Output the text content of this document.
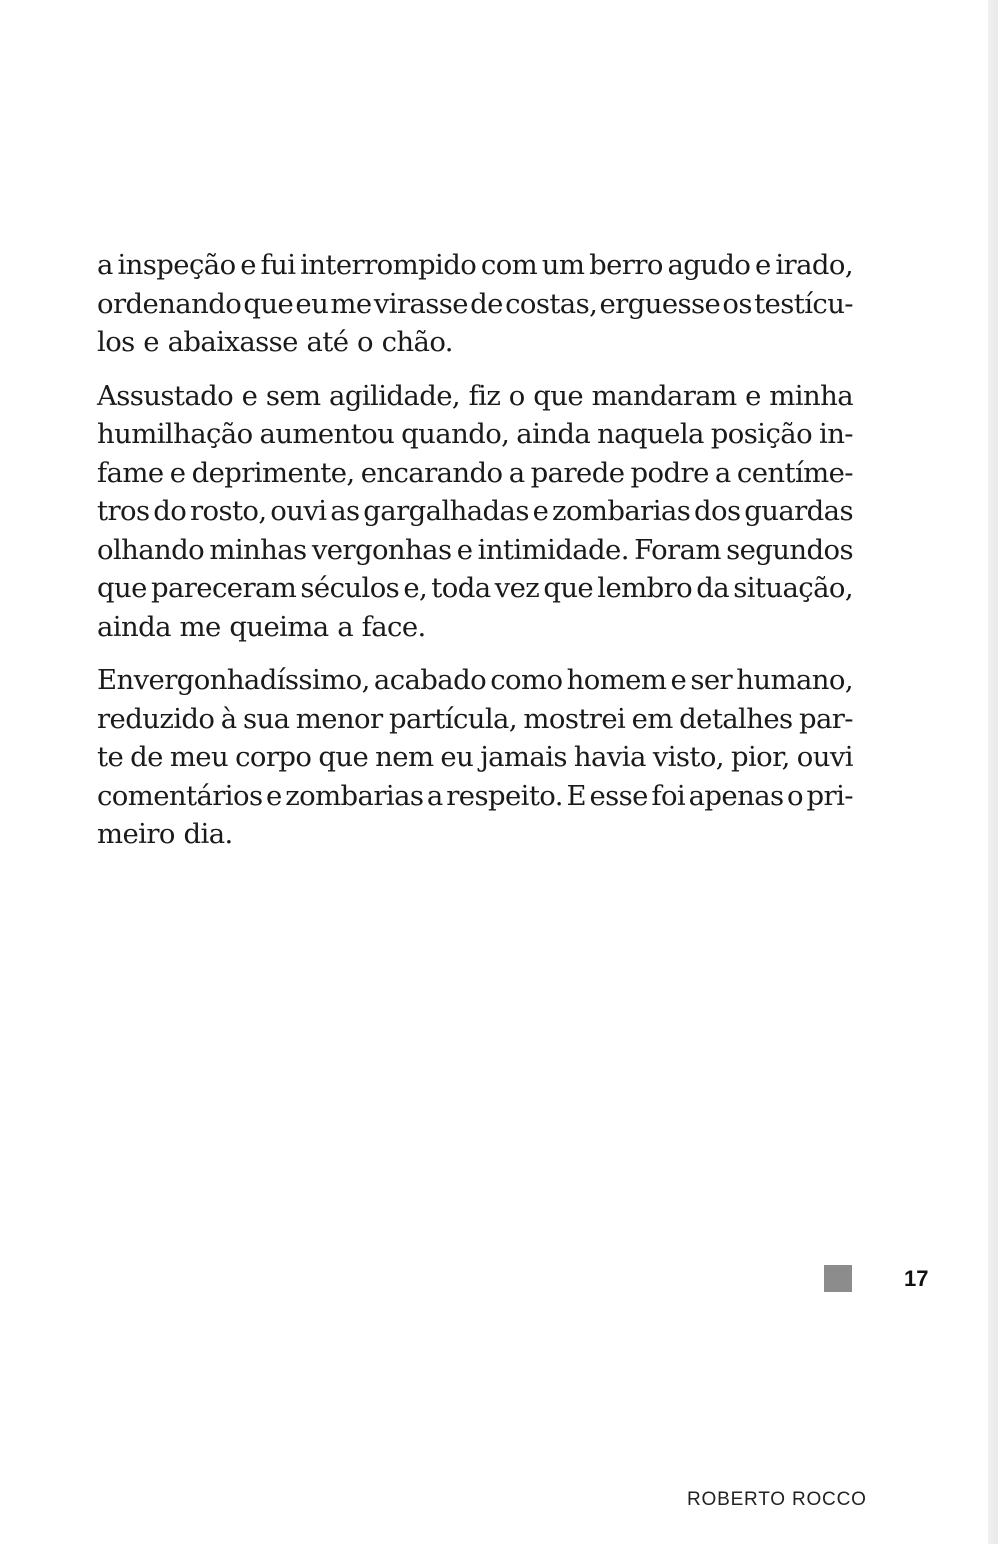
a inspeção e fui interrompido com um berro agudo e irado,
ordenando que eu me virasse de costas, erguesse os testícu-
los e abaixasse até o chão.
Assustado e sem agilidade, fiz o que mandaram e minha
humilhação aumentou quando, ainda naquela posição in-
fame e deprimente, encarando a parede podre a centíme-
tros do rosto, ouvi as gargalhadas e zombarias dos guardas
olhando minhas vergonhas e intimidade. Foram segundos
que pareceram séculos e, toda vez que lembro da situação,
ainda me queima a face.
Envergonhadíssimo, acabado como homem e ser humano,
reduzido à sua menor partícula, mostrei em detalhes par-
te de meu corpo que nem eu jamais havia visto, pior, ouvi
comentários e zombarias a respeito. E esse foi apenas o pri-
meiro dia.
17
ROBERTO ROCCO
